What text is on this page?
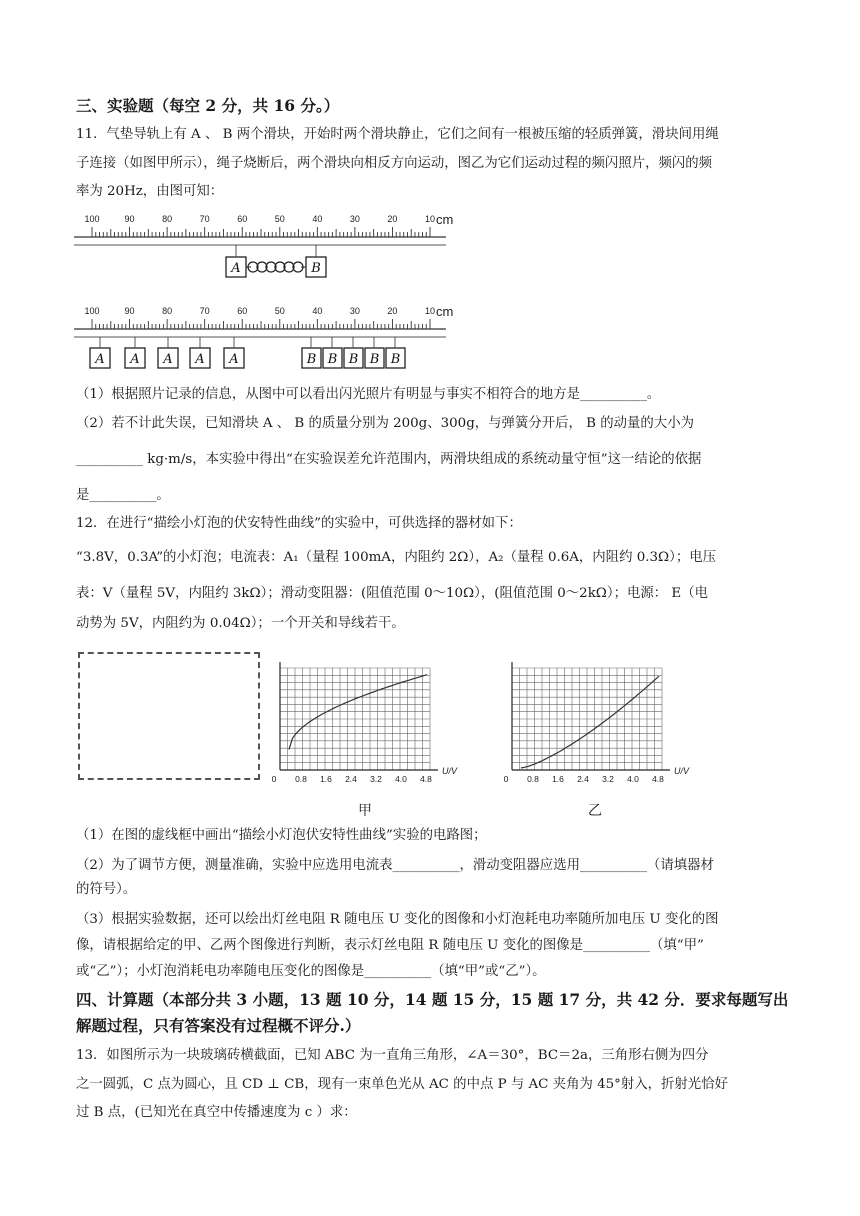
三、实验题（每空 2 分，共 16 分。）
11．气垫导轨上有 A 、 B 两个滑块，开始时两个滑块静止，它们之间有一根被压缩的轻质弹簧，滑块间用绳
子连接（如图甲所示），绳子烧断后，两个滑块向相反方向运动，图乙为它们运动过程的频闪照片，频闪的频
率为 20Hz，由图可知：
100	90	80	70	60	50	40	30	20	10 cm
100	90	80	70	60	50	40	30	20	10 cm
A	B
A A A A A	B B B B B
（1）根据照片记录的信息，从图中可以看出闪光照片有明显与事实不相符合的地方是__________。
（2）若不计此失误，已知滑块 A 、 B 的质量分别为 200g、300g，与弹簧分开后， B 的动量的大小为
__________ kg·m/s，本实验中得出“在实验误差允许范围内，两滑块组成的系统动量守恒”这一结论的依据
是__________。
12．在进行“描绘小灯泡的伏安特性曲线”的实验中，可供选择的器材如下：
“3.8V，0.3A”的小灯泡；电流表：A₁（量程 100mA，内阻约 2Ω），A₂（量程 0.6A，内阻约 0.3Ω）；电压
表：V（量程 5V，内阻约 3kΩ）；滑动变阻器：(阻值范围 0～10Ω），(阻值范围 0～2kΩ）；电源： E（电
动势为 5V，内阻约为 0.04Ω）；一个开关和导线若干。
0 0.8 1.6 2.4 3.2 4.0 4.8
U/V
0 0.8 1.6 2.4 3.2 4.0 4.8
U/V
甲	乙
（1）在图的虚线框中画出“描绘小灯泡伏安特性曲线”实验的电路图；
（2）为了调节方便，测量准确，实验中应选用电流表__________，滑动变阻器应选用__________（请填器材
的符号）。
（3）根据实验数据，还可以绘出灯丝电阻 R 随电压 U 变化的图像和小灯泡耗电功率随所加电压 U 变化的图
像，请根据给定的甲、乙两个图像进行判断，表示灯丝电阻 R 随电压 U 变化的图像是__________（填“甲”
或“乙”）；小灯泡消耗电功率随电压变化的图像是__________（填“甲”或“乙”）。
四、计算题（本部分共 3 小题，13 题 10 分，14 题 15 分，15 题 17 分，共 42 分．要求每题写出
解题过程，只有答案没有过程概不评分.）
13．如图所示为一块玻璃砖横截面，已知 ABC 为一直角三角形，∠A＝30°，BC＝2a，三角形右侧为四分
之一圆弧，C 点为圆心，且 CD ⊥ CB，现有一束单色光从 AC 的中点 P 与 AC 夹角为 45°射入，折射光恰好
过 B 点，(已知光在真空中传播速度为 c ）求：
